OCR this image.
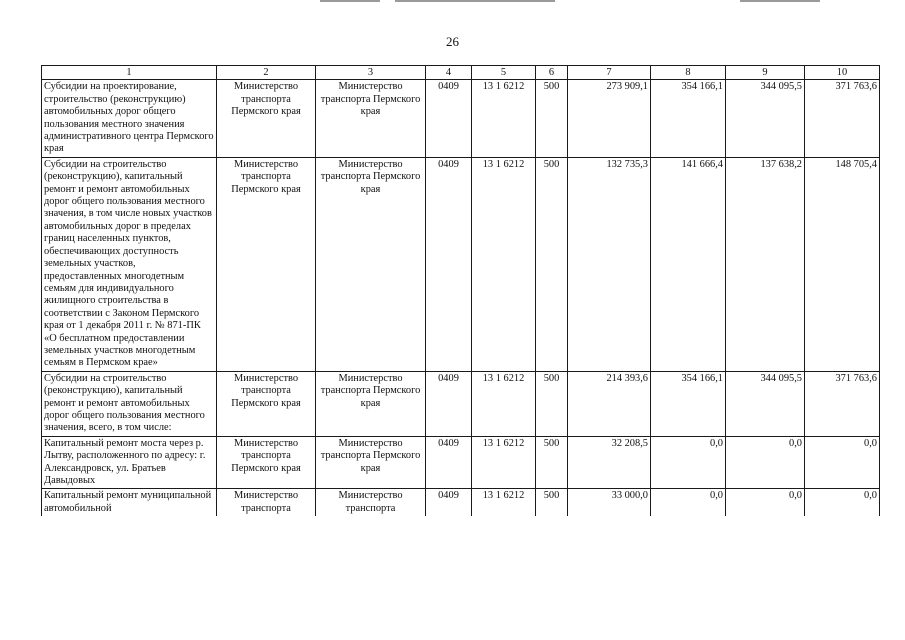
26
1	2	3	4	5	6	7	8	9	10
Субсидии на проектирование, строительство (реконструкцию) автомобильных дорог общего пользования местного значения административного центра Пермского края	Министерство транспорта Пермского края	Министерство транспорта Пермского края	0409	13 1 6212	500	273 909,1	354 166,1	344 095,5	371 763,6
Субсидии на строительство (реконструкцию), капитальный ремонт и ремонт автомобильных дорог общего пользования местного значения, в том числе новых участков автомобильных дорог в пределах границ населенных пунктов, обеспечивающих доступность земельных участков, предоставленных многодетным семьям для индивидуального жилищного строительства в соответствии с Законом Пермского края от 1 декабря 2011 г. № 871-ПК «О бесплатном предоставлении земельных участков многодетным семьям в Пермском крае»	Министерство транспорта Пермского края	Министерство транспорта Пермского края	0409	13 1 6212	500	132 735,3	141 666,4	137 638,2	148 705,4
Субсидии на строительство (реконструкцию), капитальный ремонт и ремонт автомобильных дорог общего пользования местного значения, всего, в том числе:	Министерство транспорта Пермского края	Министерство транспорта Пермского края	0409	13 1 6212	500	214 393,6	354 166,1	344 095,5	371 763,6
Капитальный ремонт моста через р. Лытву, расположенного по адресу: г. Александровск, ул. Братьев Давыдовых	Министерство транспорта Пермского края	Министерство транспорта Пермского края	0409	13 1 6212	500	32 208,5	0,0	0,0	0,0
Капитальный ремонт муниципальной автомобильной	Министерство транспорта	Министерство транспорта	0409	13 1 6212	500	33 000,0	0,0	0,0	0,0
